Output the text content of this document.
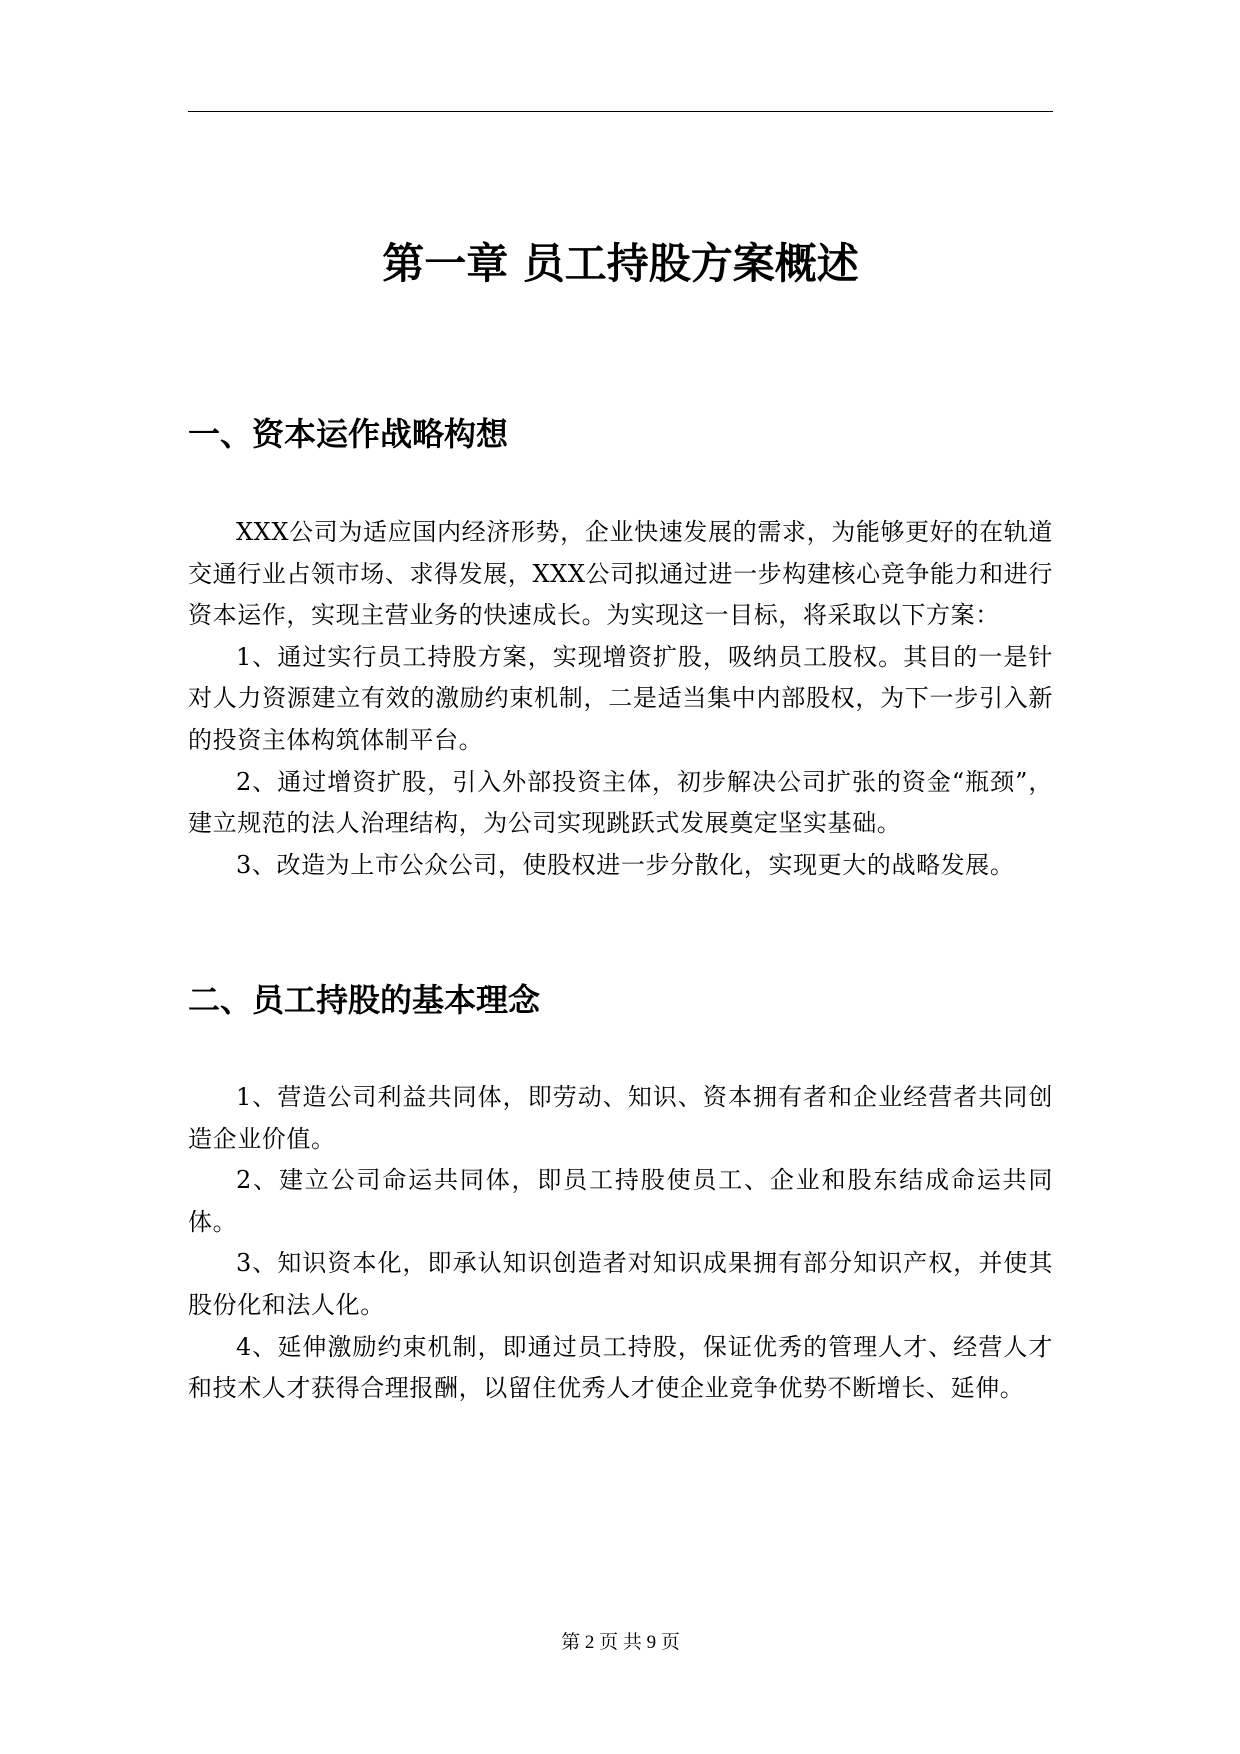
第一章 员工持股方案概述
一、资本运作战略构想

XXX公司为适应国内经济形势，企业快速发展的需求，为能够更好的在轨道交通行业占领市场、求得发展，XXX公司拟通过进一步构建核心竞争能力和进行资本运作，实现主营业务的快速成长。为实现这一目标，将采取以下方案：

1、通过实行员工持股方案，实现增资扩股，吸纳员工股权。其目的一是针对人力资源建立有效的激励约束机制，二是适当集中内部股权，为下一步引入新的投资主体构筑体制平台。

2、通过增资扩股，引入外部投资主体，初步解决公司扩张的资金“瓶颈”，建立规范的法人治理结构，为公司实现跳跃式发展奠定坚实基础。

3、改造为上市公众公司，使股权进一步分散化，实现更大的战略发展。

二、员工持股的基本理念

1、营造公司利益共同体，即劳动、知识、资本拥有者和企业经营者共同创造企业价值。

2、建立公司命运共同体，即员工持股使员工、企业和股东结成命运共同体。

3、知识资本化，即承认知识创造者对知识成果拥有部分知识产权，并使其股份化和法人化。

4、延伸激励约束机制，即通过员工持股，保证优秀的管理人才、经营人才和技术人才获得合理报酬，以留住优秀人才使企业竞争优势不断增长、延伸。

第 2 页 共 9 页
